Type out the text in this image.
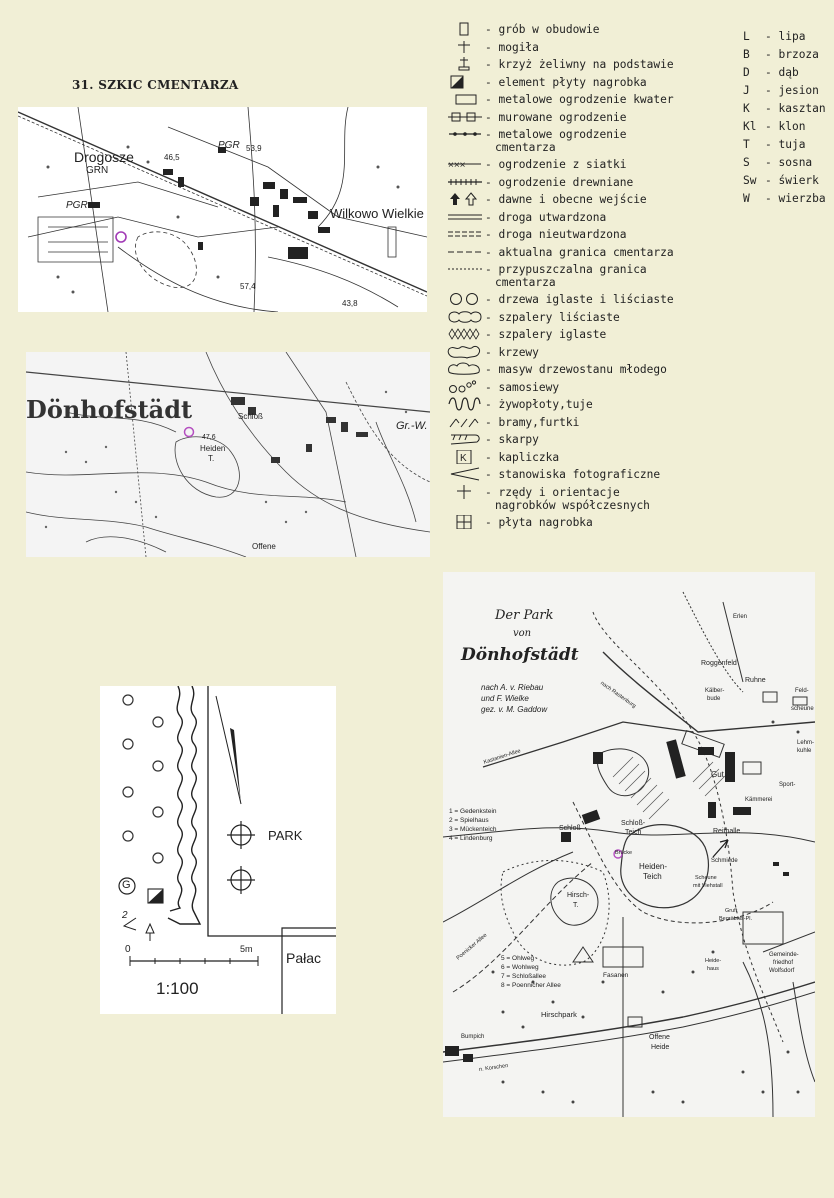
31. SZKIC CMENTARZA
- grób w obudowie
- mogiła
- krzyż żeliwny na podstawie
- element płyty nagrobka
- metalowe ogrodzenie kwater
- murowane ogrodzenie
- metalowe ogrodzenie
cmentarza
××× - ogrodzenie z siatki
- ogrodzenie drewniane
- dawne i obecne wejście
- droga utwardzona
- droga nieutwardzona
- aktualna granica cmentarza
- przypuszczalna granica
cmentarza
- drzewa iglaste i liściaste
- szpalery liściaste
- szpalery iglaste
- krzewy
- masyw drzewostanu młodego
- samosiewy
- żywopłoty,tuje
- bramy,furtki
- skarpy
K - kapliczka
- stanowiska fotograficzne
- rzędy i orientacje
nagrobków współczesnych
- płyta nagrobka
L - lipa
B - brzoza
D - dąb
J - jesion
K - kasztan
Kl - klon
T - tuja
S - sosna
Sw - świerk
W - wierzba
Drogosze
GRN
Wilkowo Wielkie
PGR
PGR
46,5
53,9
57,4
43,8
Dönhofstädt
Heiden
T.
47,6
Schloß
Gr.-W.
Offene
PARK
Pałac
1:100
0	5m
G
2
Der Park
von
Dönhofstädt
nach A. v. Riebau
und F. Wielke
gez. v. M. Gaddow
1 = Gedenkstein
2 = Spielhaus
3 = Mückenteich
4 = Lindenburg
5 = Ohlweg
6 = Wohlweg
7 = Schloßallee
8 = Poennicher Allee
Erlen
Roggenfeld
Ruhne
Kälber-
bude
Feld-
scheune
Lehm-
kuhle
Gut
Sport-
Kämmerei
Schloß
Schloß-
Teich
Brücke
Reithalle
Schmiede
Scheune
mit Viehstall
Heiden-
Teich
Hirsch-
T.
Gruft
Begräbnis-Pl.
Gemeinde-
friedhof
Wolfsdorf
Heide-
haus
Fasanen
Hirschpark
Offene
Heide
Bumpich
n. Korschen
Kastanien-Allee
Poenicker Allee
nach Rastenburg
